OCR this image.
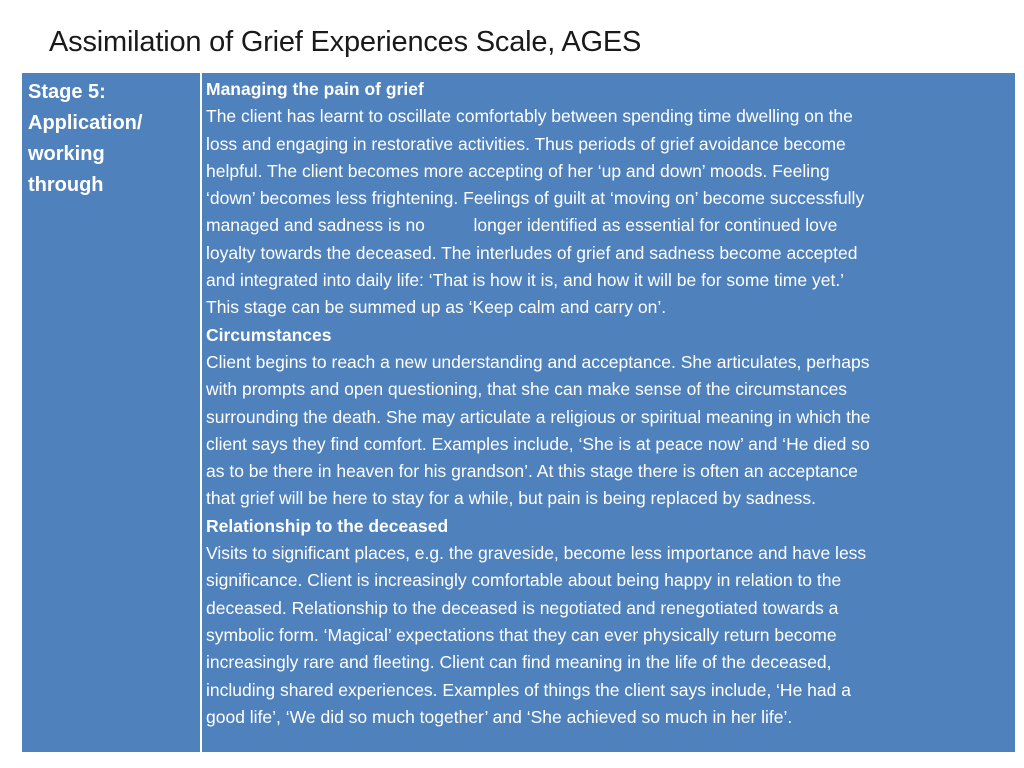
Assimilation of Grief Experiences Scale, AGES
Stage 5:
Application/
working
through
Managing the pain of grief
The client has learnt to oscillate comfortably between spending time dwelling on the
loss and engaging in restorative activities. Thus periods of grief avoidance become
helpful. The client becomes more accepting of her ‘up and down’ moods. Feeling
‘down’ becomes less frightening. Feelings of guilt at ‘moving on’ become successfully
managed and sadness is no          longer identified as essential for continued love
loyalty towards the deceased. The interludes of grief and sadness become accepted
and integrated into daily life: ‘That is how it is, and how it will be for some time yet.’
This stage can be summed up as ‘Keep calm and carry on’.
Circumstances
Client begins to reach a new understanding and acceptance. She articulates, perhaps
with prompts and open questioning, that she can make sense of the circumstances
surrounding the death. She may articulate a religious or spiritual meaning in which the
client says they find comfort. Examples include, ‘She is at peace now’ and ‘He died so
as to be there in heaven for his grandson’. At this stage there is often an acceptance
that grief will be here to stay for a while, but pain is being replaced by sadness.
Relationship to the deceased
Visits to significant places, e.g. the graveside, become less importance and have less
significance. Client is increasingly comfortable about being happy in relation to the
deceased. Relationship to the deceased is negotiated and renegotiated towards a
symbolic form. ‘Magical’ expectations that they can ever physically return become
increasingly rare and fleeting. Client can find meaning in the life of the deceased,
including shared experiences. Examples of things the client says include, ‘He had a
good life’, ‘We did so much together’ and ‘She achieved so much in her life’.
